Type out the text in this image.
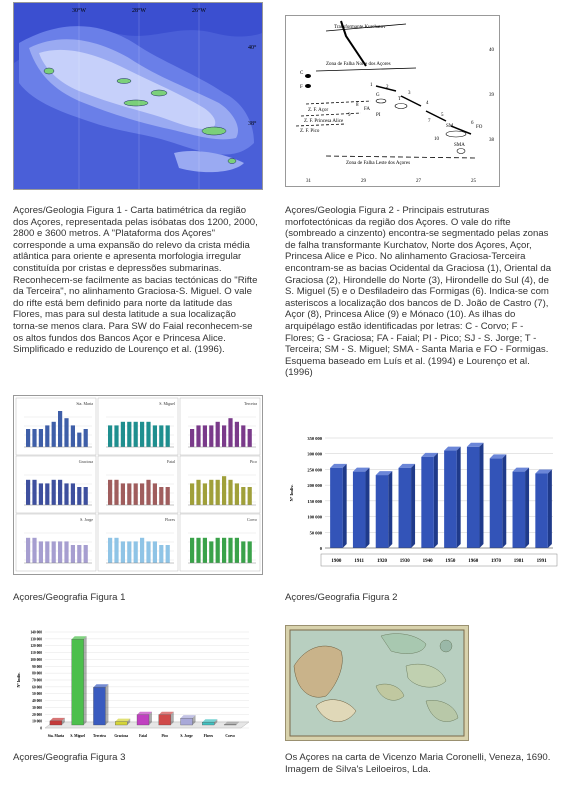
30°W	28°W	26°W
40°
38°
Transformante Kurchatov
Zona de Falha Norte dos Açores
Z. F. Açor
Z. F. Princesa Alice
Z. F. Pico
Zona de Falha Leste dos Açores
C
F
G
T
FA
PI
SM
SMA
FO
1	2
3
4
5
6
7
8
9
10
40
39
38
31	29	27	25
Açores/Geologia Figura 1 - Carta batimétrica da região dos Açores, representada pelas isóbatas dos 1200, 2000, 2800 e 3600 metros. A "Plataforma dos Açores" corresponde a uma expansão do relevo da crista média atlântica para oriente e apresenta morfologia irregular constituída por cristas e depressões submarinas. Reconhecem-se facilmente as bacias tectónicas do "Rifte da Terceira", no alinhamento Graciosa-S. Miguel. O vale do rifte está bem definido para norte da latitude das Flores, mas para sul desta latitude a sua localização torna-se menos clara. Para SW do Faial reconhecem-se os altos fundos dos Bancos Açor e Princesa Alice. Simplificado e reduzido de Lourenço et al. (1996).
Açores/Geologia Figura 2 - Principais estruturas morfotectónicas da região dos Açores. O vale do rifte (sombreado a cinzento) encontra-se segmentado pelas zonas de falha transformante Kurchatov, Norte dos Açores, Açor, Princesa Alice e Pico. No alinhamento Graciosa-Terceira encontram-se as bacias Ocidental da Graciosa (1), Oriental da Graciosa (2), Hirondelle do Norte (3), Hirondelle do Sul (4), de S. Miguel (5) e o Desfiladeiro das Formigas (6). Indica-se com asteriscos a localização dos bancos de D. João de Castro (7), Açor (8), Princesa Alice (9) e Mónaco (10). As ilhas do arquipélago estão identificadas por letras: C - Corvo; F - Flores; G - Graciosa; FA - Faial; PI - Pico; SJ - S. Jorge; T - Terceira; SM - S. Miguel; SMA - Santa Maria e FO - Formigas. Esquema baseado em Luís et al. (1994) e Lourenço et al. (1996)
Sta. Maria	S. Miguel	Terceira
Graciosa	Faial	Pico
S. Jorge	Flores	Corvo
0
50 000
100 000
150 000
200 000
250 000
300 000
350 000
Nº Indiv.
1900	1911	1920	1930	1940	1950	1960	1970	1981	1991
Açores/Geografia Figura 1	Açores/Geografia Figura 2
0
10 000
20 000
30 000
40 000
50 000
60 000
70 000
80 000
90 000
100 000
110 000
120 000
130 000
140 000
Nº Indiv.
Sta. Maria S. Miguel Terceira Graciosa	Faial	Pico	S. Jorge	Flores	Corvo
Açores/Geografia Figura 3	Os Açores na carta de Vicenzo Maria Coronelli, Veneza, 1690. Imagem de Silva's Leiloeiros, Lda.
